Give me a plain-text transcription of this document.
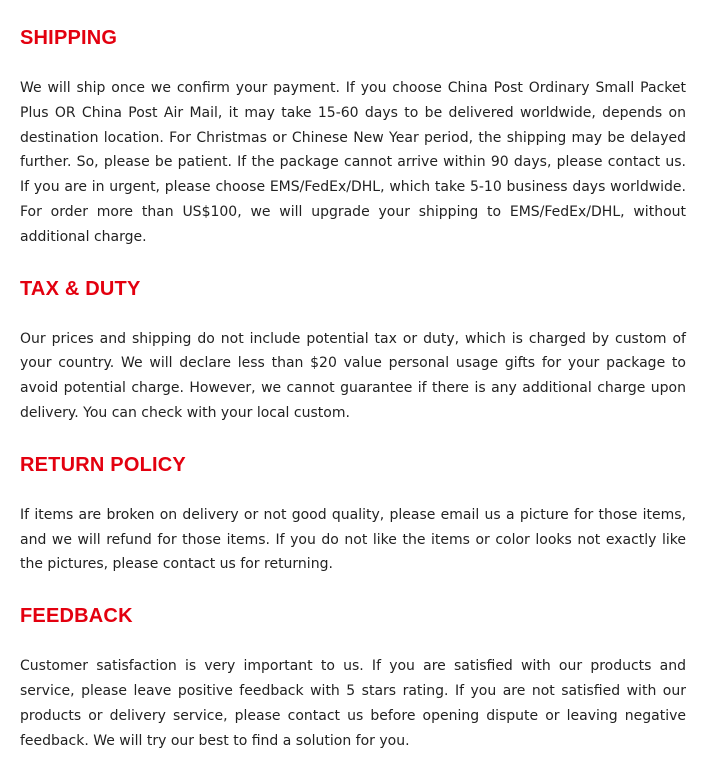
SHIPPING

We will ship once we confirm your payment. If you choose China Post Ordinary Small Packet Plus OR China Post Air Mail, it may take 15-60 days to be delivered worldwide, depends on destination location. For Christmas or Chinese New Year period, the shipping may be delayed further. So, please be patient. If the package cannot arrive within 90 days, please contact us. If you are in urgent, please choose EMS/FedEx/DHL, which take 5-10 business days worldwide. For order more than US$100, we will upgrade your shipping to EMS/FedEx/DHL, without additional charge.

TAX & DUTY

Our prices and shipping do not include potential tax or duty, which is charged by custom of your country. We will declare less than $20 value personal usage gifts for your package to avoid potential charge. However, we cannot guarantee if there is any additional charge upon delivery. You can check with your local custom.

RETURN POLICY

If items are broken on delivery or not good quality, please email us a picture for those items, and we will refund for those items. If you do not like the items or color looks not exactly like the pictures, please contact us for returning.

FEEDBACK

Customer satisfaction is very important to us. If you are satisfied with our products and service, please leave positive feedback with 5 stars rating. If you are not satisfied with our products or delivery service, please contact us before opening dispute or leaving negative feedback. We will try our best to find a solution for you.
